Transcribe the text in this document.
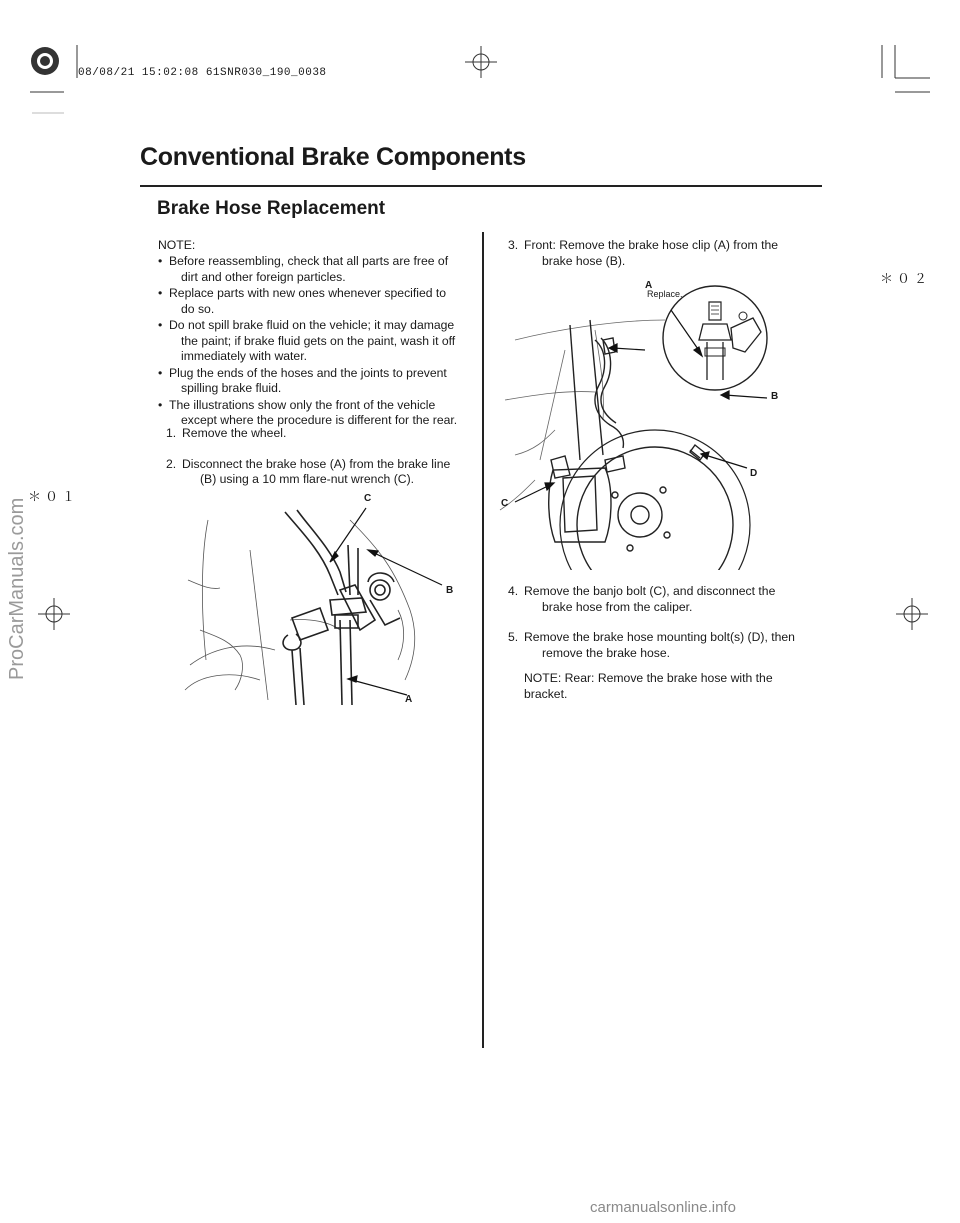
08/08/21 15:02:08 61SNR030_190_0038
Conventional Brake Components
Brake Hose Replacement
＊０２
＊０１
NOTE:
• Before reassembling, check that all parts are free of
dirt and other foreign particles.
• Replace parts with new ones whenever specified to
do so.
• Do not spill brake fluid on the vehicle; it may damage
the paint; if brake fluid gets on the paint, wash it off immediately with water.
• Plug the ends of the hoses and the joints to prevent
spilling brake fluid.
• The illustrations show only the front of the vehicle
except where the procedure is different for the rear.
1. Remove the wheel.
2. Disconnect the brake hose (A) from the brake line
(B) using a 10 mm flare-nut wrench (C).
C
B
A
3. Front: Remove the brake hose clip (A) from the
brake hose (B).
A
Replace.
B
D
C
4. Remove the banjo bolt (C), and disconnect the
brake hose from the caliper.
5. Remove the brake hose mounting bolt(s) (D), then
remove the brake hose.
NOTE: Rear: Remove the brake hose with the
bracket.
ProCarManuals.com
carmanualsonline.info
